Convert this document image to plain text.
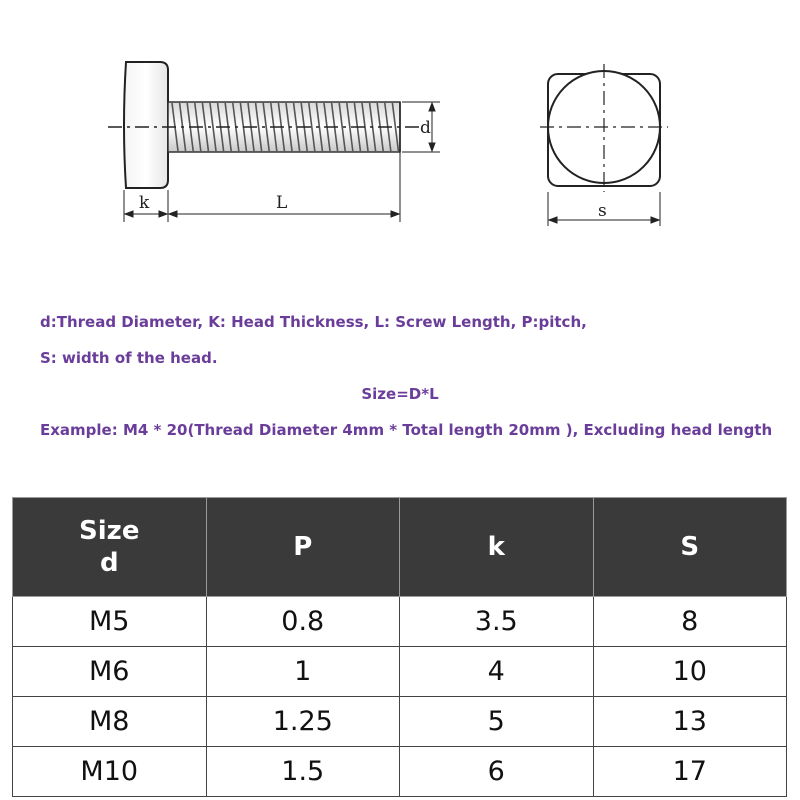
d
k	L	s
d:Thread Diameter, K: Head Thickness, L: Screw Length, P:pitch,
S: width of the head.
Size=D*L
Example: M4 * 20(Thread Diameter 4mm * Total length 20mm ), Excluding head length
Size
d	P	k	S
M5	0.8	3.5	8
M6	1	4	10
M8	1.25	5	13
M10	1.5	6	17
